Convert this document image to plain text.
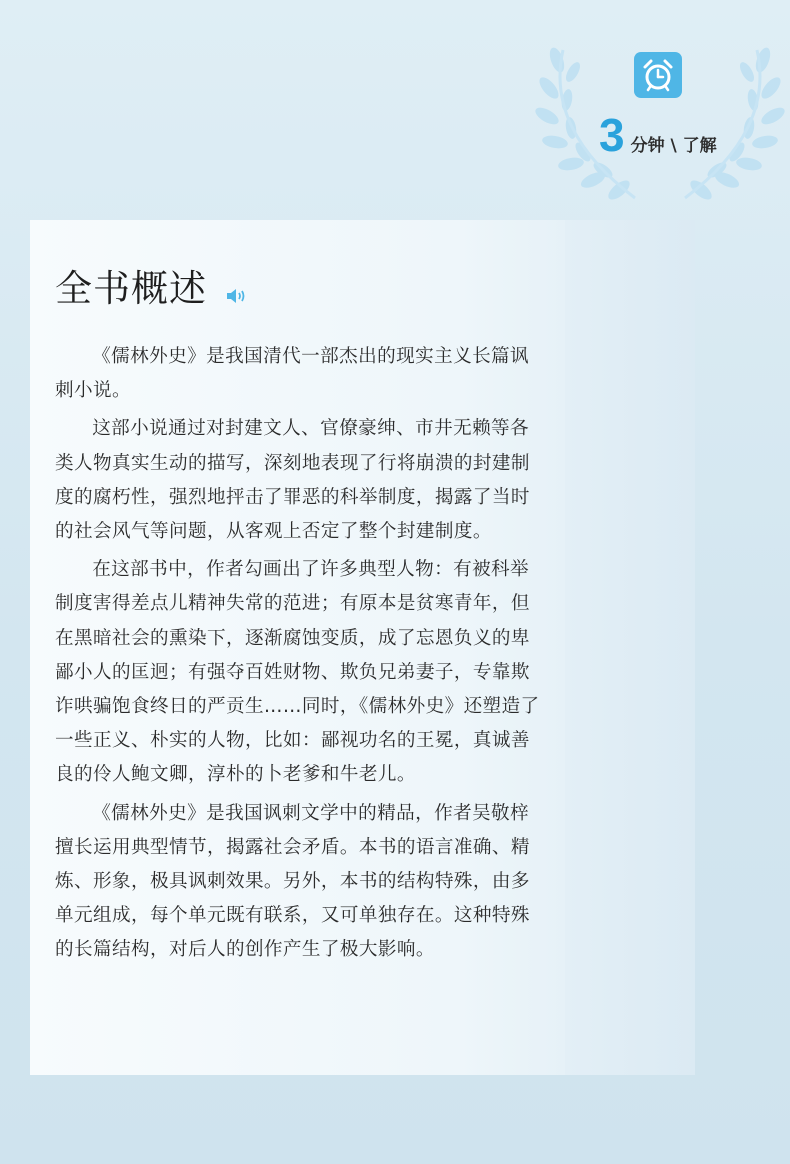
3 分钟 \ 了解
全书概述

《儒林外史》是我国清代一部杰出的现实主义长篇讽刺小说。

这部小说通过对封建文人、官僚豪绅、市井无赖等各类人物真实生动的描写，深刻地表现了行将崩溃的封建制度的腐朽性，强烈地抨击了罪恶的科举制度，揭露了当时的社会风气等问题，从客观上否定了整个封建制度。

在这部书中，作者勾画出了许多典型人物：有被科举制度害得差点儿精神失常的范进；有原本是贫寒青年，但在黑暗社会的熏染下，逐渐腐蚀变质，成了忘恩负义的卑鄙小人的匡迥；有强夺百姓财物、欺负兄弟妻子，专靠欺诈哄骗饱食终日的严贡生……同时，《儒林外史》还塑造了一些正义、朴实的人物，比如：鄙视功名的王冕，真诚善良的伶人鲍文卿，淳朴的卜老爹和牛老儿。

《儒林外史》是我国讽刺文学中的精品，作者吴敬梓擅长运用典型情节，揭露社会矛盾。本书的语言准确、精炼、形象，极具讽刺效果。另外，本书的结构特殊，由多单元组成，每个单元既有联系，又可单独存在。这种特殊的长篇结构，对后人的创作产生了极大影响。
